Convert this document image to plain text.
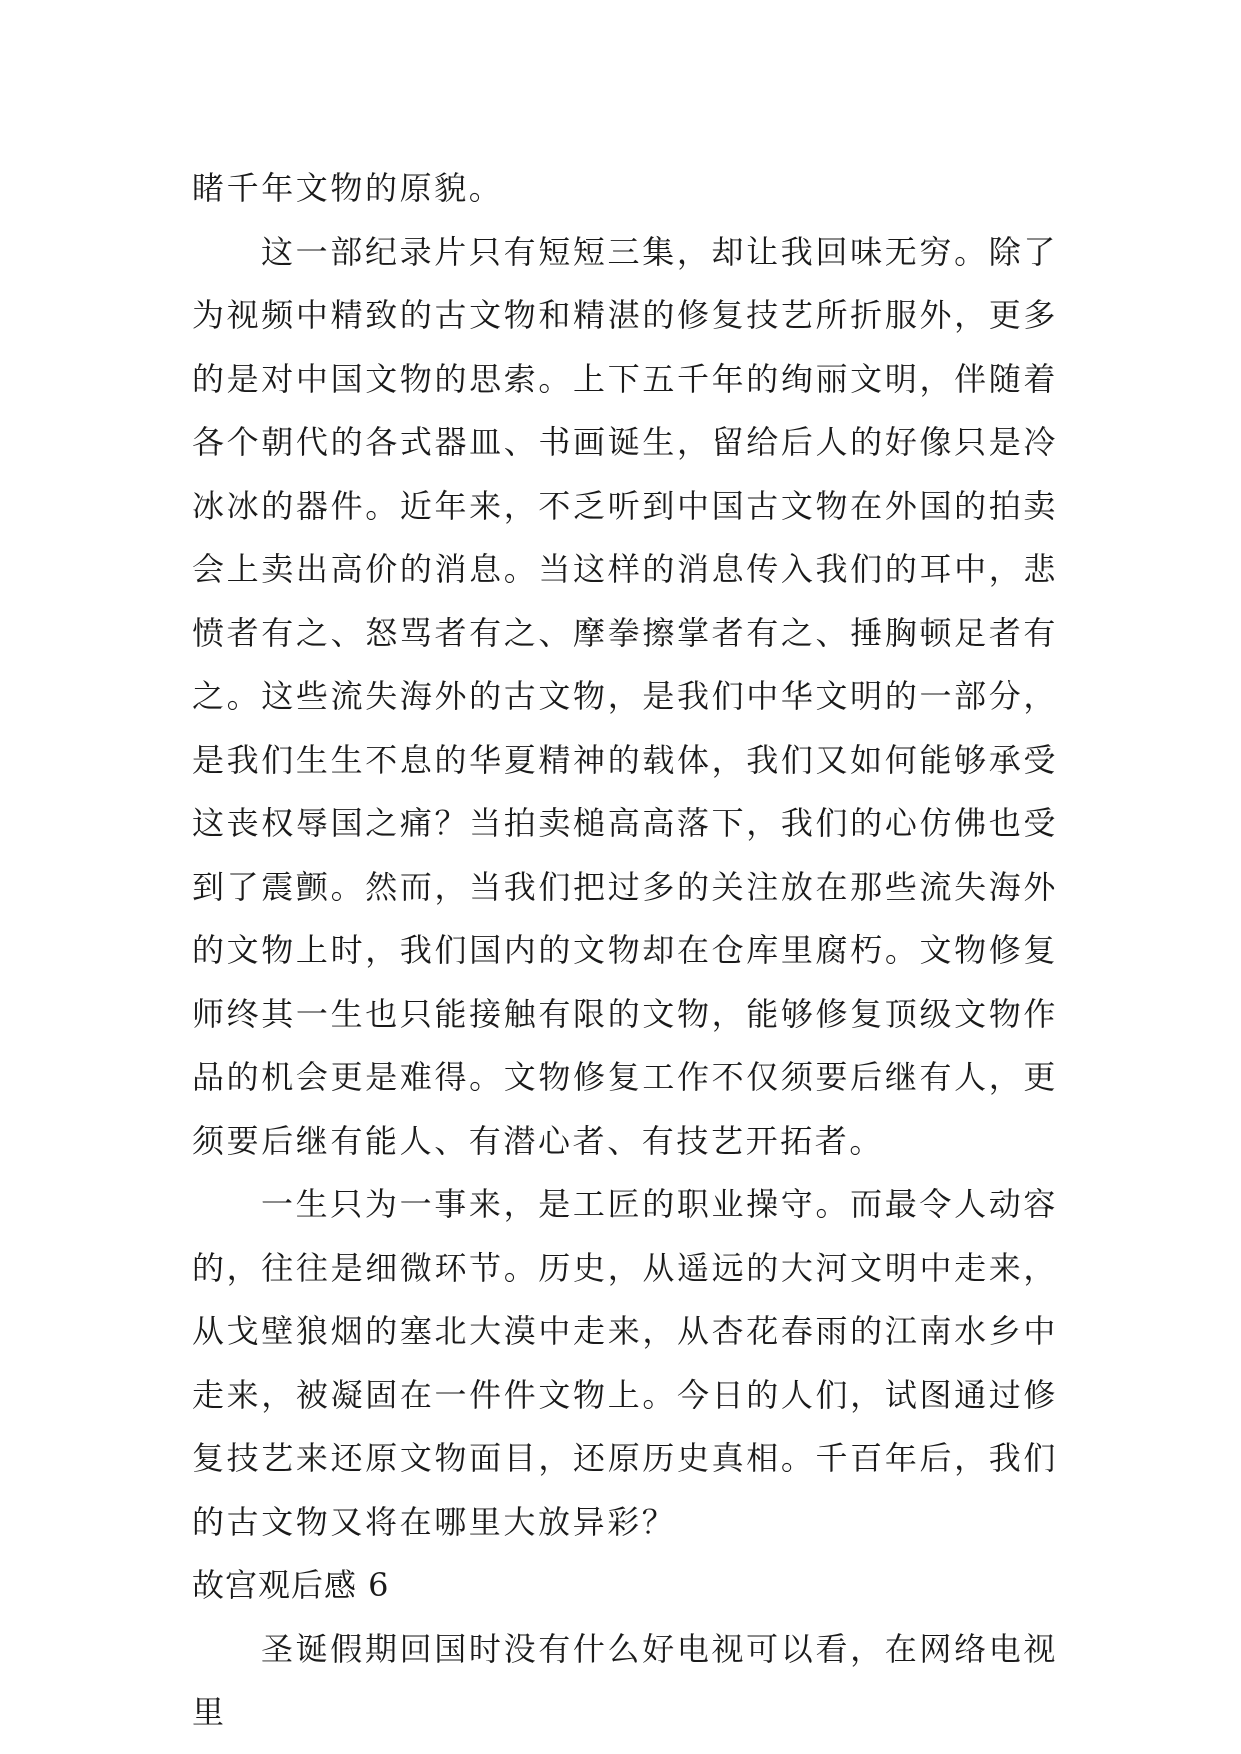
睹千年文物的原貌。

这一部纪录片只有短短三集，却让我回味无穷。除了为视频中精致的古文物和精湛的修复技艺所折服外，更多的是对中国文物的思索。上下五千年的绚丽文明，伴随着各个朝代的各式器皿、书画诞生，留给后人的好像只是冷冰冰的器件。近年来，不乏听到中国古文物在外国的拍卖会上卖出高价的消息。当这样的消息传入我们的耳中，悲愤者有之、怒骂者有之、摩拳擦掌者有之、捶胸顿足者有之。这些流失海外的古文物，是我们中华文明的一部分，是我们生生不息的华夏精神的载体，我们又如何能够承受这丧权辱国之痛？当拍卖槌高高落下，我们的心仿佛也受到了震颤。然而，当我们把过多的关注放在那些流失海外的文物上时，我们国内的文物却在仓库里腐朽。文物修复师终其一生也只能接触有限的文物，能够修复顶级文物作品的机会更是难得。文物修复工作不仅须要后继有人，更须要后继有能人、有潜心者、有技艺开拓者。

一生只为一事来，是工匠的职业操守。而最令人动容的，往往是细微环节。历史，从遥远的大河文明中走来，从戈壁狼烟的塞北大漠中走来，从杏花春雨的江南水乡中走来，被凝固在一件件文物上。今日的人们，试图通过修复技艺来还原文物面目，还原历史真相。千百年后，我们的古文物又将在哪里大放异彩？

故宫观后感 6

圣诞假期回国时没有什么好电视可以看，在网络电视里
